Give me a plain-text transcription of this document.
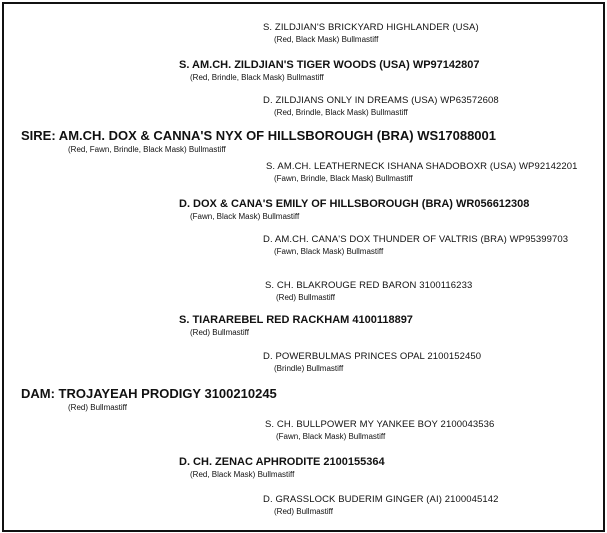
S. ZILDJIAN'S BRICKYARD HIGHLANDER (USA)
(Red, Black Mask) Bullmastiff
S. AM.CH. ZILDJIAN'S TIGER WOODS (USA) WP97142807
(Red, Brindle, Black Mask) Bullmastiff
D. ZILDJIANS ONLY IN DREAMS (USA) WP63572608
(Red, Brindle, Black Mask) Bullmastiff
SIRE: AM.CH. DOX & CANNA'S NYX OF HILLSBOROUGH (BRA) WS17088001
(Red, Fawn, Brindle, Black Mask) Bullmastiff
S. AM.CH. LEATHERNECK ISHANA SHADOBOXR (USA) WP92142201
(Fawn, Brindle, Black Mask) Bullmastiff
D. DOX & CANA'S EMILY OF HILLSBOROUGH (BRA) WR056612308
(Fawn, Black Mask) Bullmastiff
D. AM.CH. CANA'S DOX THUNDER OF VALTRIS (BRA) WP95399703
(Fawn, Black Mask) Bullmastiff
S. CH. BLAKROUGE RED BARON 3100116233
(Red) Bullmastiff
S. TIARAREBEL RED RACKHAM 4100118897
(Red) Bullmastiff
D. POWERBULMAS PRINCES OPAL 2100152450
(Brindle) Bullmastiff
DAM: TROJAYEAH PRODIGY 3100210245
(Red) Bullmastiff
S. CH. BULLPOWER MY YANKEE BOY 2100043536
(Fawn, Black Mask) Bullmastiff
D. CH. ZENAC APHRODITE 2100155364
(Red, Black Mask) Bullmastiff
D. GRASSLOCK BUDERIM GINGER (AI) 2100045142
(Red) Bullmastiff
